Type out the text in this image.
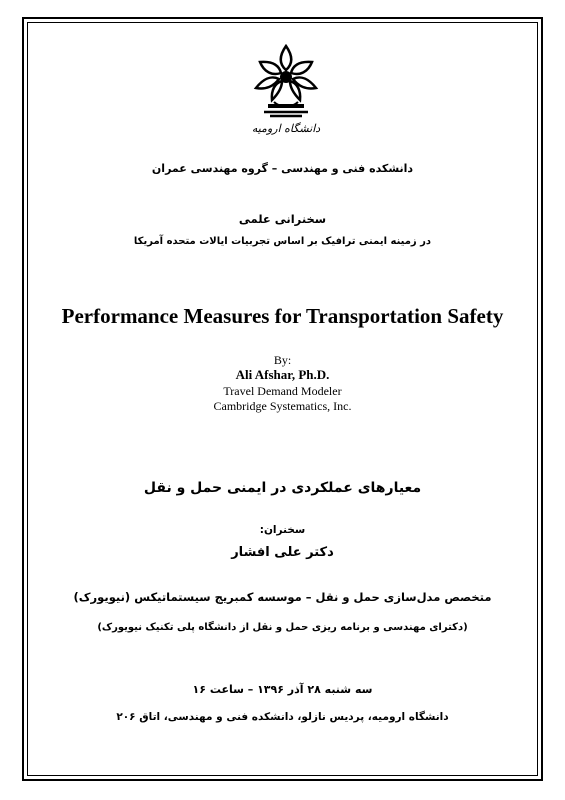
دانشگاه ارومیه
دانشکده فنی و مهندسی – گروه مهندسی عمران
سخنرانی علمی
در زمینه ایمنی ترافیک بر اساس تجربیات ایالات متحده آمریکا
Performance Measures for Transportation Safety
By:
Ali Afshar, Ph.D.
Travel Demand Modeler
Cambridge Systematics, Inc.
معیارهای عملکردی در ایمنی حمل و نقل
سخنران:
دکتر علی افشار
متخصص مدل‌سازی حمل و نقل – موسسه کمبریج سیستماتیکس (نیویورک)
(دکترای مهندسی و برنامه ریزی حمل و نقل از دانشگاه پلی تکنیک نیویورک)
سه شنبه ۲۸ آذر ۱۳۹۶ – ساعت ۱۶
دانشگاه ارومیه، پردیس نازلو، دانشکده فنی و مهندسی، اتاق ۲۰۶
